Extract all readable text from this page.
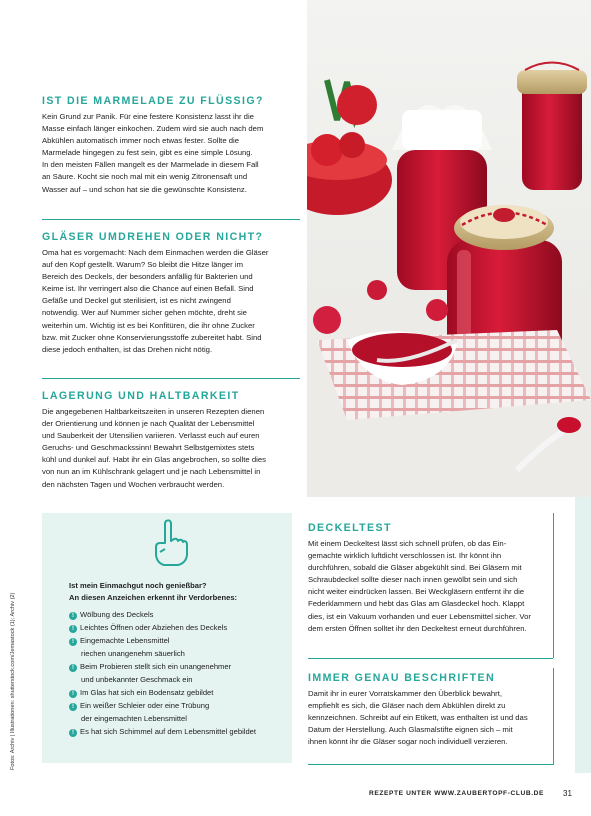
IST DIE MARMELADE ZU FLÜSSIG?

Kein Grund zur Panik. Für eine festere Konsistenz lasst ihr die
Masse einfach länger einkochen. Zudem wird sie auch nach dem
Abkühlen automatisch immer noch etwas fester. Sollte die
Marmelade hingegen zu fest sein, gibt es eine simple Lösung.
In den meisten Fällen mangelt es der Marmelade in diesem Fall
an Säure. Kocht sie noch mal mit ein wenig Zitronensaft und
Wasser auf – und schon hat sie die gewünschte Konsistenz.

GLÄSER UMDREHEN ODER NICHT?

Oma hat es vorgemacht: Nach dem Einmachen werden die Gläser
auf den Kopf gestellt. Warum? So bleibt die Hitze länger im
Bereich des Deckels, der besonders anfällig für Bakterien und
Keime ist. Ihr verringert also die Chance auf einen Befall. Sind
Gefäße und Deckel gut sterilisiert, ist es nicht zwingend
notwendig. Wer auf Nummer sicher gehen möchte, dreht sie
weiterhin um. Wichtig ist es bei Konfitüren, die ihr ohne Zucker
bzw. mit Zucker ohne Konservierungsstoffe zubereitet habt. Sind
diese jedoch enthalten, ist das Drehen nicht nötig.

LAGERUNG UND HALTBARKEIT

Die angegebenen Haltbarkeitszeiten in unseren Rezepten dienen
der Orientierung und können je nach Qualität der Lebensmittel
und Sauberkeit der Utensilien variieren. Verlasst euch auf euren
Geruchs- und Geschmackssinn! Bewahrt Selbstgemixtes stets
kühl und dunkel auf. Habt ihr ein Glas angebrochen, so sollte dies
von nun an im Kühlschrank gelagert und je nach Lebensmittel in
den nächsten Tagen und Wochen verbraucht werden.

Ist mein Einmachgut noch genießbar?
An diesen Anzeichen erkennt ihr Verdorbenes:
! Wölbung des Deckels
! Leichtes Öffnen oder Abziehen des Deckels
! Eingemachte Lebensmittel
riechen unangenehm säuerlich
! Beim Probieren stellt sich ein unangenehmer
und unbekannter Geschmack ein
! Im Glas hat sich ein Bodensatz gebildet
! Ein weißer Schleier oder eine Trübung
der eingemachten Lebensmittel
! Es hat sich Schimmel auf dem Lebensmittel gebildet
Fotos: Archiv | Illustrationen: shutterstock.com/Jemastock (1); Archiv (2)
DECKELTEST

Mit einem Deckeltest lässt sich schnell prüfen, ob das Ein-
gemachte wirklich luftdicht verschlossen ist. Ihr könnt ihn
durchführen, sobald die Gläser abgekühlt sind. Bei Gläsern mit
Schraubdeckel sollte dieser nach innen gewölbt sein und sich
nicht weiter eindrücken lassen. Bei Weckgläsern entfernt ihr die
Federklammern und hebt das Glas am Glasdeckel hoch. Klappt
dies, ist ein Vakuum vorhanden und euer Lebensmittel sicher. Vor
dem ersten Öffnen solltet ihr den Deckeltest erneut durchführen.

IMMER GENAU BESCHRIFTEN

Damit ihr in eurer Vorratskammer den Überblick bewahrt,
empfiehlt es sich, die Gläser nach dem Abkühlen direkt zu
kennzeichnen. Schreibt auf ein Etikett, was enthalten ist und das
Datum der Herstellung. Auch Glasmalstifte eignen sich – mit
ihnen könnt ihr die Gläser sogar noch individuell verzieren.

REZEPTE UNTER WWW.ZAUBERTOPF-CLUB.DE 31
